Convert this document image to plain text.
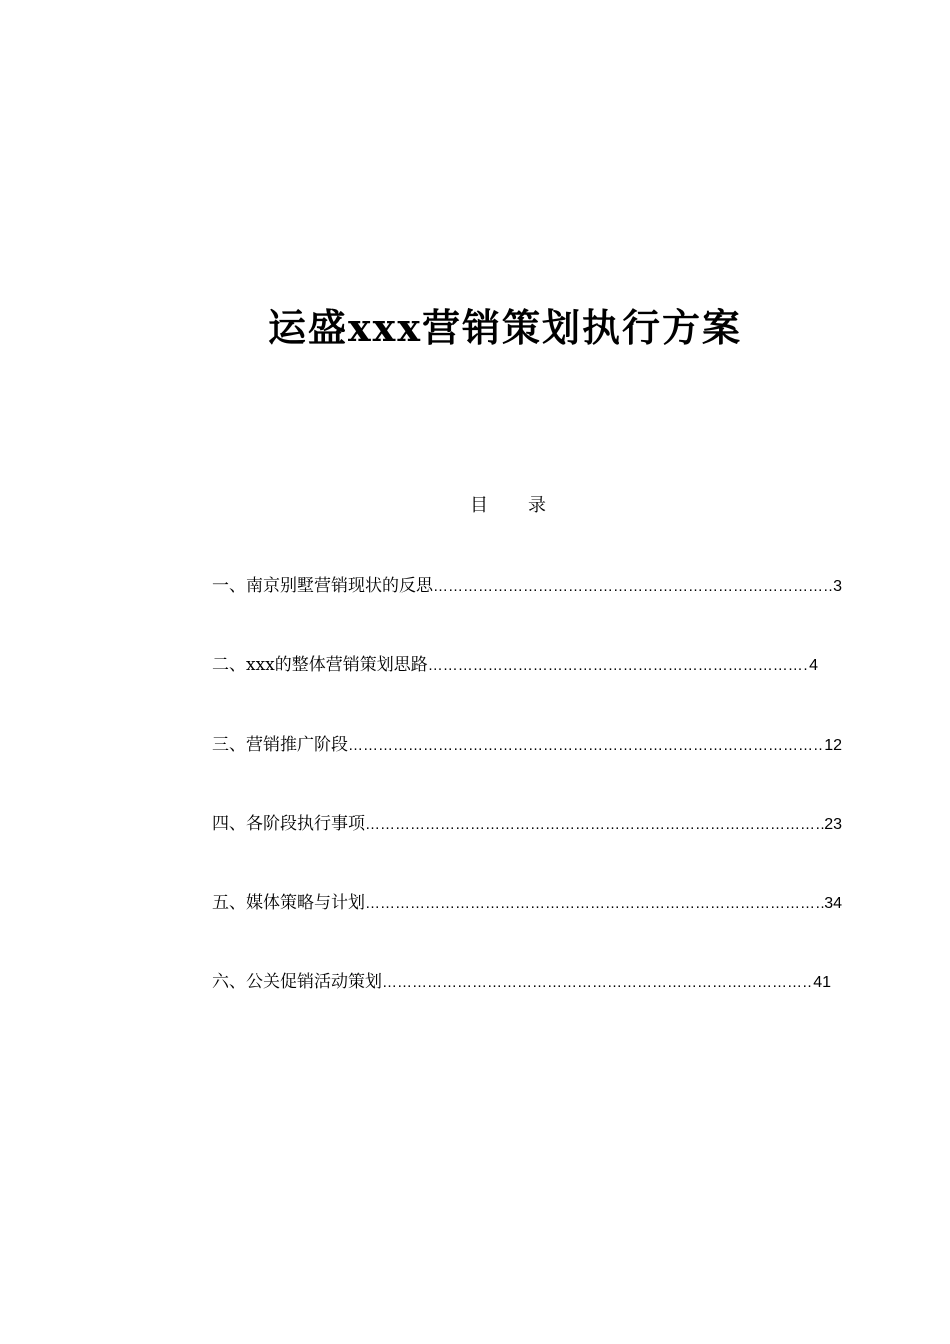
运盛xxx营销策划执行方案
目 录
一、南京别墅营销现状的反思 …………………………………………………………………………………………………………………………………………………………………………………………	3
二、xxx的整体营销策划思路 …………………………………………………………………………………………………………………………………………………………………………………………	4
三、营销推广阶段 …………………………………………………………………………………………………………………………………………………………………………………………	12
四、各阶段执行事项 …………………………………………………………………………………………………………………………………………………………………………………………	23
五、媒体策略与计划 …………………………………………………………………………………………………………………………………………………………………………………………	34
六、公关促销活动策划 …………………………………………………………………………………………………………………………………………………………………………………………	41
